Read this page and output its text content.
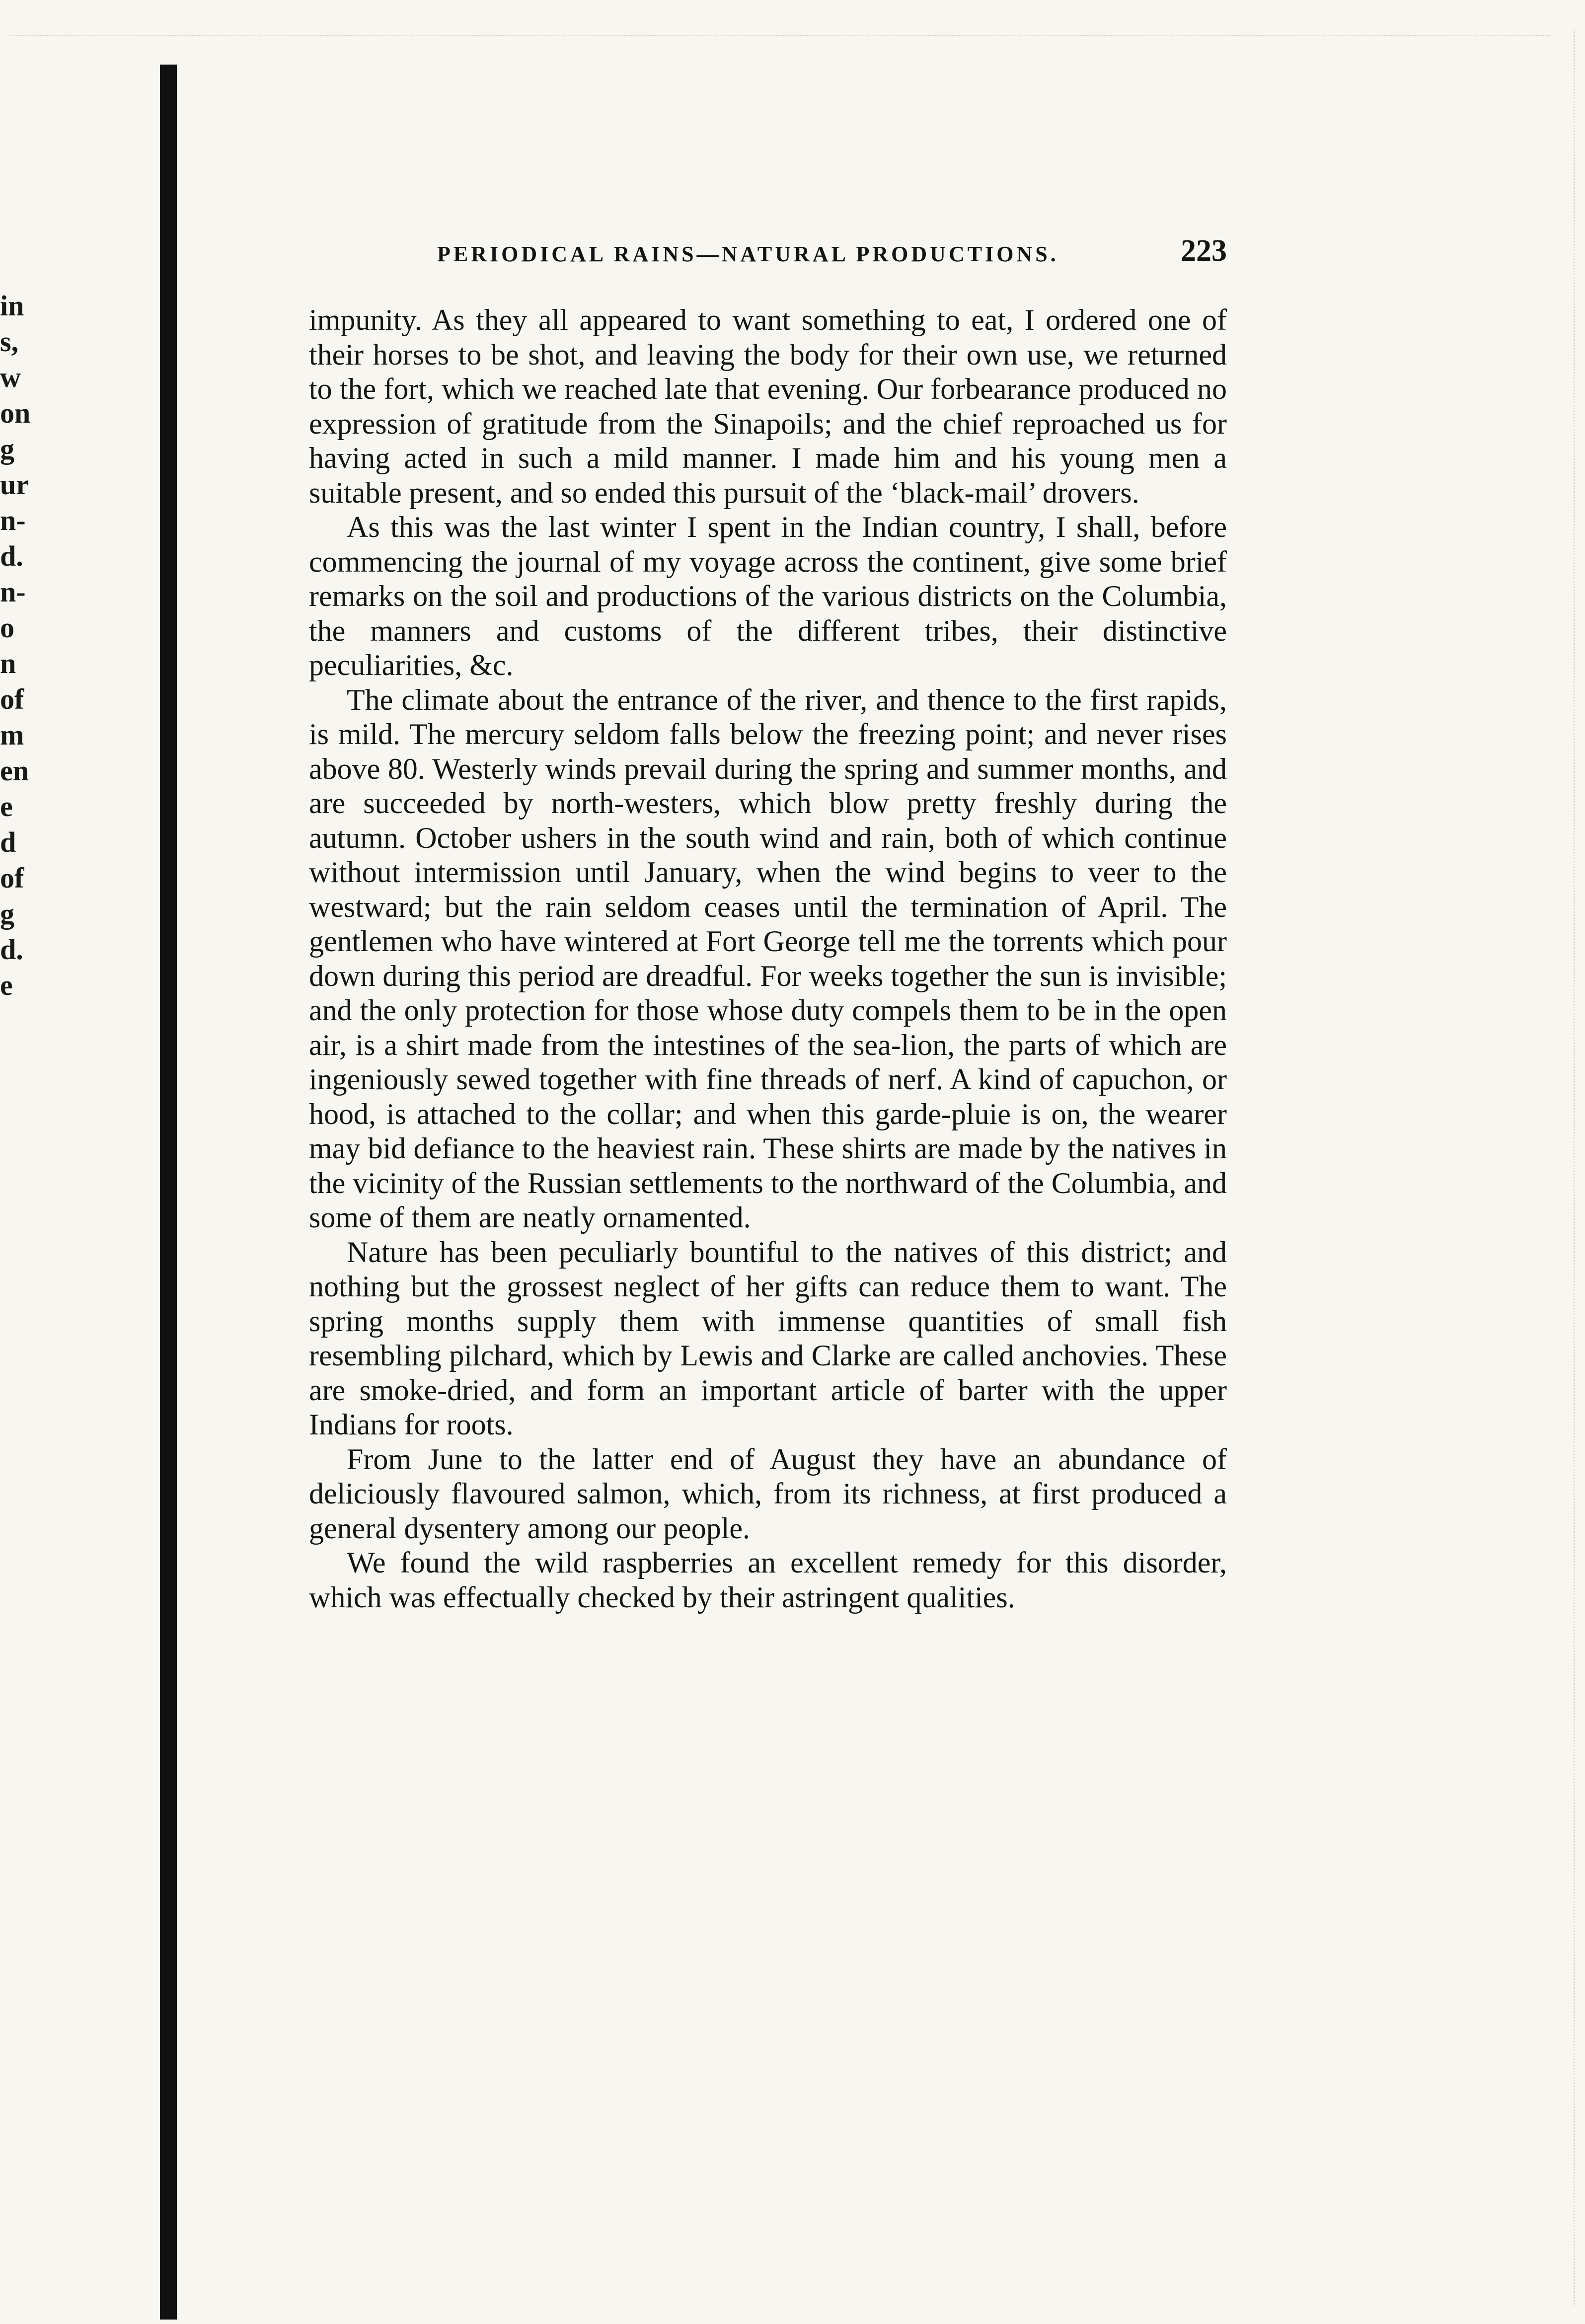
in
s,
w
on
g
ur
n-
d.
n-
o
n
of
m
en
e
d
of
g
d.
e
PERIODICAL RAINS—NATURAL PRODUCTIONS.	223

impunity. As they all appeared to want something to eat, I ordered one of their horses to be shot, and leaving the body for their own use, we returned to the fort, which we reached late that evening. Our forbearance produced no expression of gratitude from the Sinapoils; and the chief reproached us for having acted in such a mild manner. I made him and his young men a suitable present, and so ended this pursuit of the ‘black-mail’ drovers.

As this was the last winter I spent in the Indian country, I shall, before commencing the journal of my voyage across the continent, give some brief remarks on the soil and productions of the various districts on the Columbia, the manners and customs of the different tribes, their distinctive peculiarities, &c.

The climate about the entrance of the river, and thence to the first rapids, is mild. The mercury seldom falls below the freezing point; and never rises above 80. Westerly winds prevail during the spring and summer months, and are succeeded by north-westers, which blow pretty freshly during the autumn. October ushers in the south wind and rain, both of which continue without intermission until January, when the wind begins to veer to the westward; but the rain seldom ceases until the termination of April. The gentlemen who have wintered at Fort George tell me the torrents which pour down during this period are dreadful. For weeks together the sun is invisible; and the only protection for those whose duty compels them to be in the open air, is a shirt made from the intestines of the sea-lion, the parts of which are ingeniously sewed together with fine threads of nerf. A kind of capuchon, or hood, is attached to the collar; and when this garde-pluie is on, the wearer may bid defiance to the heaviest rain. These shirts are made by the natives in the vicinity of the Russian settlements to the northward of the Columbia, and some of them are neatly ornamented.

Nature has been peculiarly bountiful to the natives of this district; and nothing but the grossest neglect of her gifts can reduce them to want. The spring months supply them with immense quantities of small fish resembling pilchard, which by Lewis and Clarke are called anchovies. These are smoke-dried, and form an important article of barter with the upper Indians for roots.

From June to the latter end of August they have an abundance of deliciously flavoured salmon, which, from its richness, at first produced a general dysentery among our people.

We found the wild raspberries an excellent remedy for this disorder, which was effectually checked by their astringent qualities.
